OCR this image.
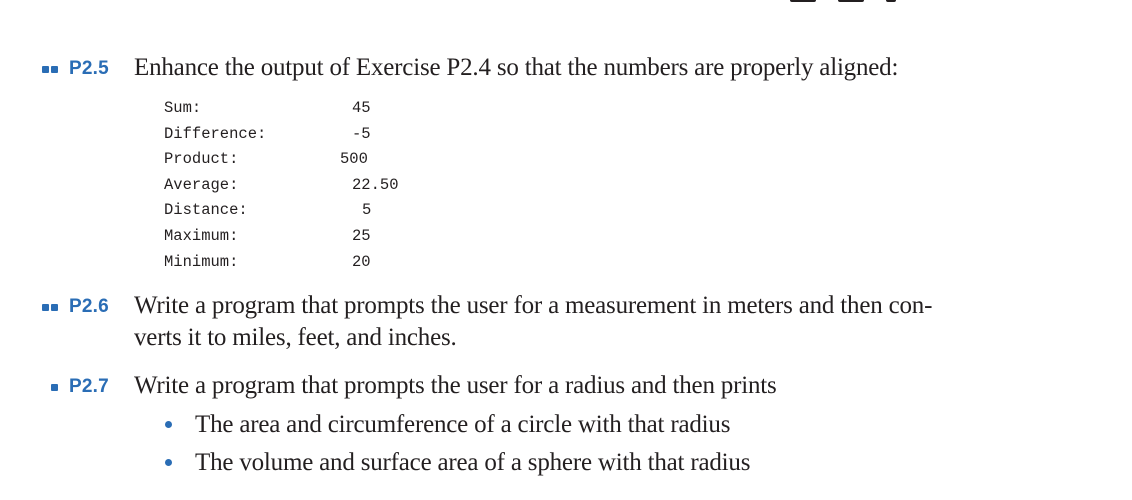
P2.5 Enhance the output of Exercise P2.4 so that the numbers are properly aligned:
Sum:	45
Difference:	-5
Product:	500
Average:	22.50
Distance:	5
Maximum:	25
Minimum:	20
P2.6 Write a program that prompts the user for a measurement in meters and then con-
verts it to miles, feet, and inches.
P2.7 Write a program that prompts the user for a radius and then prints
The area and circumference of a circle with that radius
The volume and surface area of a sphere with that radius
